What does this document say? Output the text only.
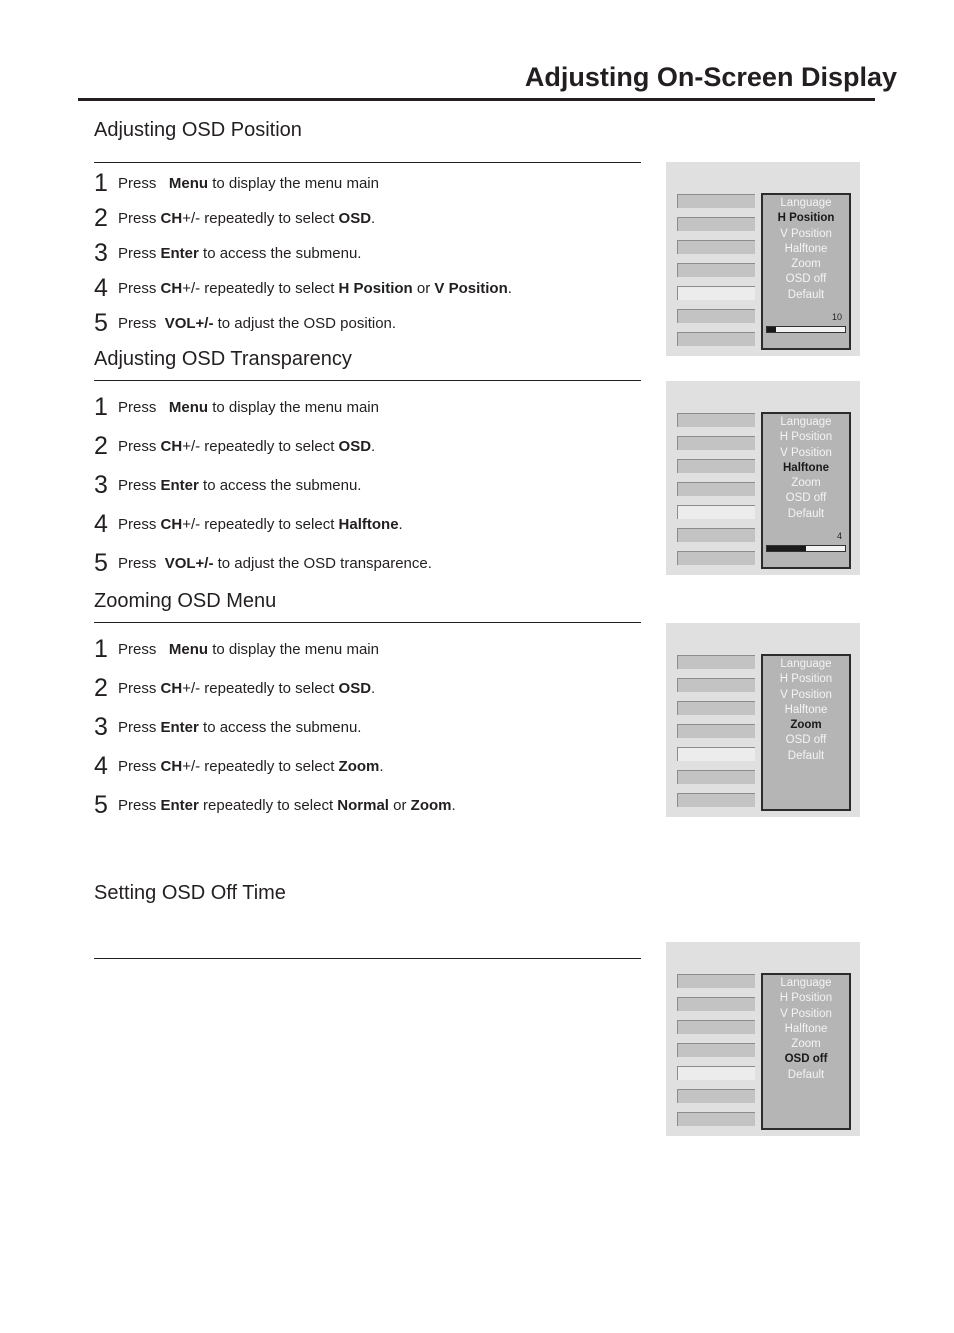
Adjusting On-Screen Display
Adjusting OSD Position
1 Press   Menu to display the menu main
2 Press CH+/- repeatedly to select OSD.
3 Press Enter to access the submenu.
4 Press CH+/- repeatedly to select H Position or V Position.
5 Press  VOL+/- to adjust the OSD position.
Language
H Position
V Position
Halftone
Zoom
OSD off
Default
10
Adjusting OSD Transparency
1 Press   Menu to display the menu main
2 Press CH+/- repeatedly to select OSD.
3 Press Enter to access the submenu.
4 Press CH+/- repeatedly to select Halftone.
5 Press  VOL+/- to adjust the OSD transparence.
Language
H Position
V Position
Halftone
Zoom
OSD off
Default
4
Zooming OSD Menu
1 Press   Menu to display the menu main
2 Press CH+/- repeatedly to select OSD.
3 Press Enter to access the submenu.
4 Press CH+/- repeatedly to select Zoom.
5 Press Enter repeatedly to select Normal or Zoom.
Language
H Position
V Position
Halftone
Zoom
OSD off
Default
Setting OSD Off Time
Language
H Position
V Position
Halftone
Zoom
OSD off
Default
